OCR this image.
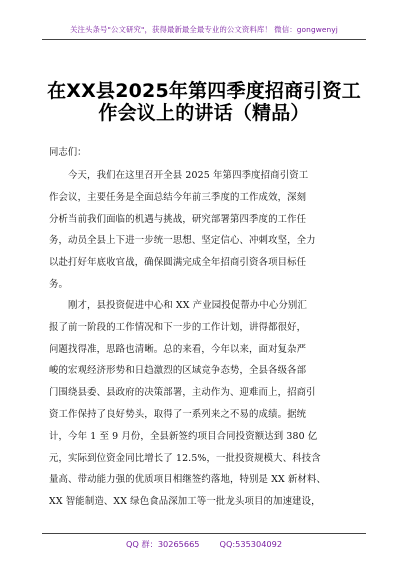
关注头条号"公文研究"，获得最新最全最专业的公文资料库！ 微信：gongwenyj
在XX县2025年第四季度招商引资工
作会议上的讲话（精品）
同志们：
今天，我们在这里召开全县 2025 年第四季度招商引资工
作会议，主要任务是全面总结今年前三季度的工作成效，深刻
分析当前我们面临的机遇与挑战，研究部署第四季度的工作任
务，动员全县上下进一步统一思想、坚定信心、冲刺攻坚，全力
以赴打好年底收官战，确保圆满完成全年招商引资各项目标任
务。
刚才，县投资促进中心和 XX 产业园投促帮办中心分别汇
报了前一阶段的工作情况和下一步的工作计划，讲得都很好，
问题找得准，思路也清晰。总的来看，今年以来，面对复杂严
峻的宏观经济形势和日趋激烈的区域竞争态势，全县各级各部
门围绕县委、县政府的决策部署，主动作为、迎难而上，招商引
资工作保持了良好势头，取得了一系列来之不易的成绩。据统
计，今年 1 至 9 月份，全县新签约项目合同投资额达到 380 亿
元，实际到位资金同比增长了 12.5%，一批投资规模大、科技含
量高、带动能力强的优质项目相继签约落地，特别是 XX 新材料、
XX 智能制造、XX 绿色食品深加工等一批龙头项目的加速建设，
QQ 群：30265665 QQ:535304092
